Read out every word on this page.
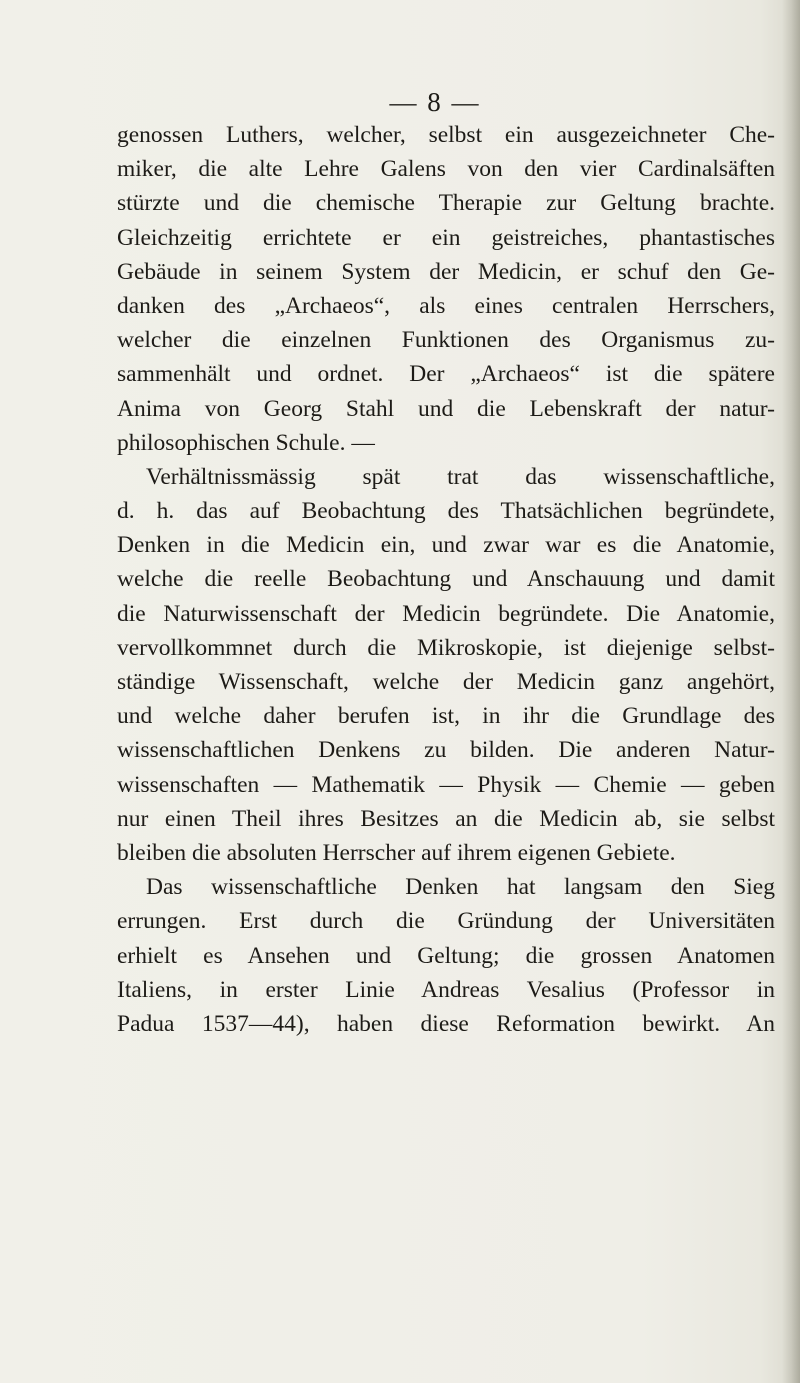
— 8 —
genossen Luthers, welcher, selbst ein ausgezeichneter Che-
miker, die alte Lehre Galens von den vier Cardinalsäften
stürzte und die chemische Therapie zur Geltung brachte.
Gleichzeitig errichtete er ein geistreiches, phantastisches
Gebäude in seinem System der Medicin, er schuf den Ge-
danken des „Archaeos“, als eines centralen Herrschers,
welcher die einzelnen Funktionen des Organismus zu-
sammenhält und ordnet. Der „Archaeos“ ist die spätere
Anima von Georg Stahl und die Lebenskraft der natur-
philosophischen Schule. —
Verhältnissmässig spät trat das wissenschaftliche,
d. h. das auf Beobachtung des Thatsächlichen begründete,
Denken in die Medicin ein, und zwar war es die Anatomie,
welche die reelle Beobachtung und Anschauung und damit
die Naturwissenschaft der Medicin begründete. Die Anatomie,
vervollkommnet durch die Mikroskopie, ist diejenige selbst-
ständige Wissenschaft, welche der Medicin ganz angehört,
und welche daher berufen ist, in ihr die Grundlage des
wissenschaftlichen Denkens zu bilden. Die anderen Natur-
wissenschaften — Mathematik — Physik — Chemie — geben
nur einen Theil ihres Besitzes an die Medicin ab, sie selbst
bleiben die absoluten Herrscher auf ihrem eigenen Gebiete.
Das wissenschaftliche Denken hat langsam den Sieg
errungen. Erst durch die Gründung der Universitäten
erhielt es Ansehen und Geltung; die grossen Anatomen
Italiens, in erster Linie Andreas Vesalius (Professor in
Padua 1537—44), haben diese Reformation bewirkt. An
